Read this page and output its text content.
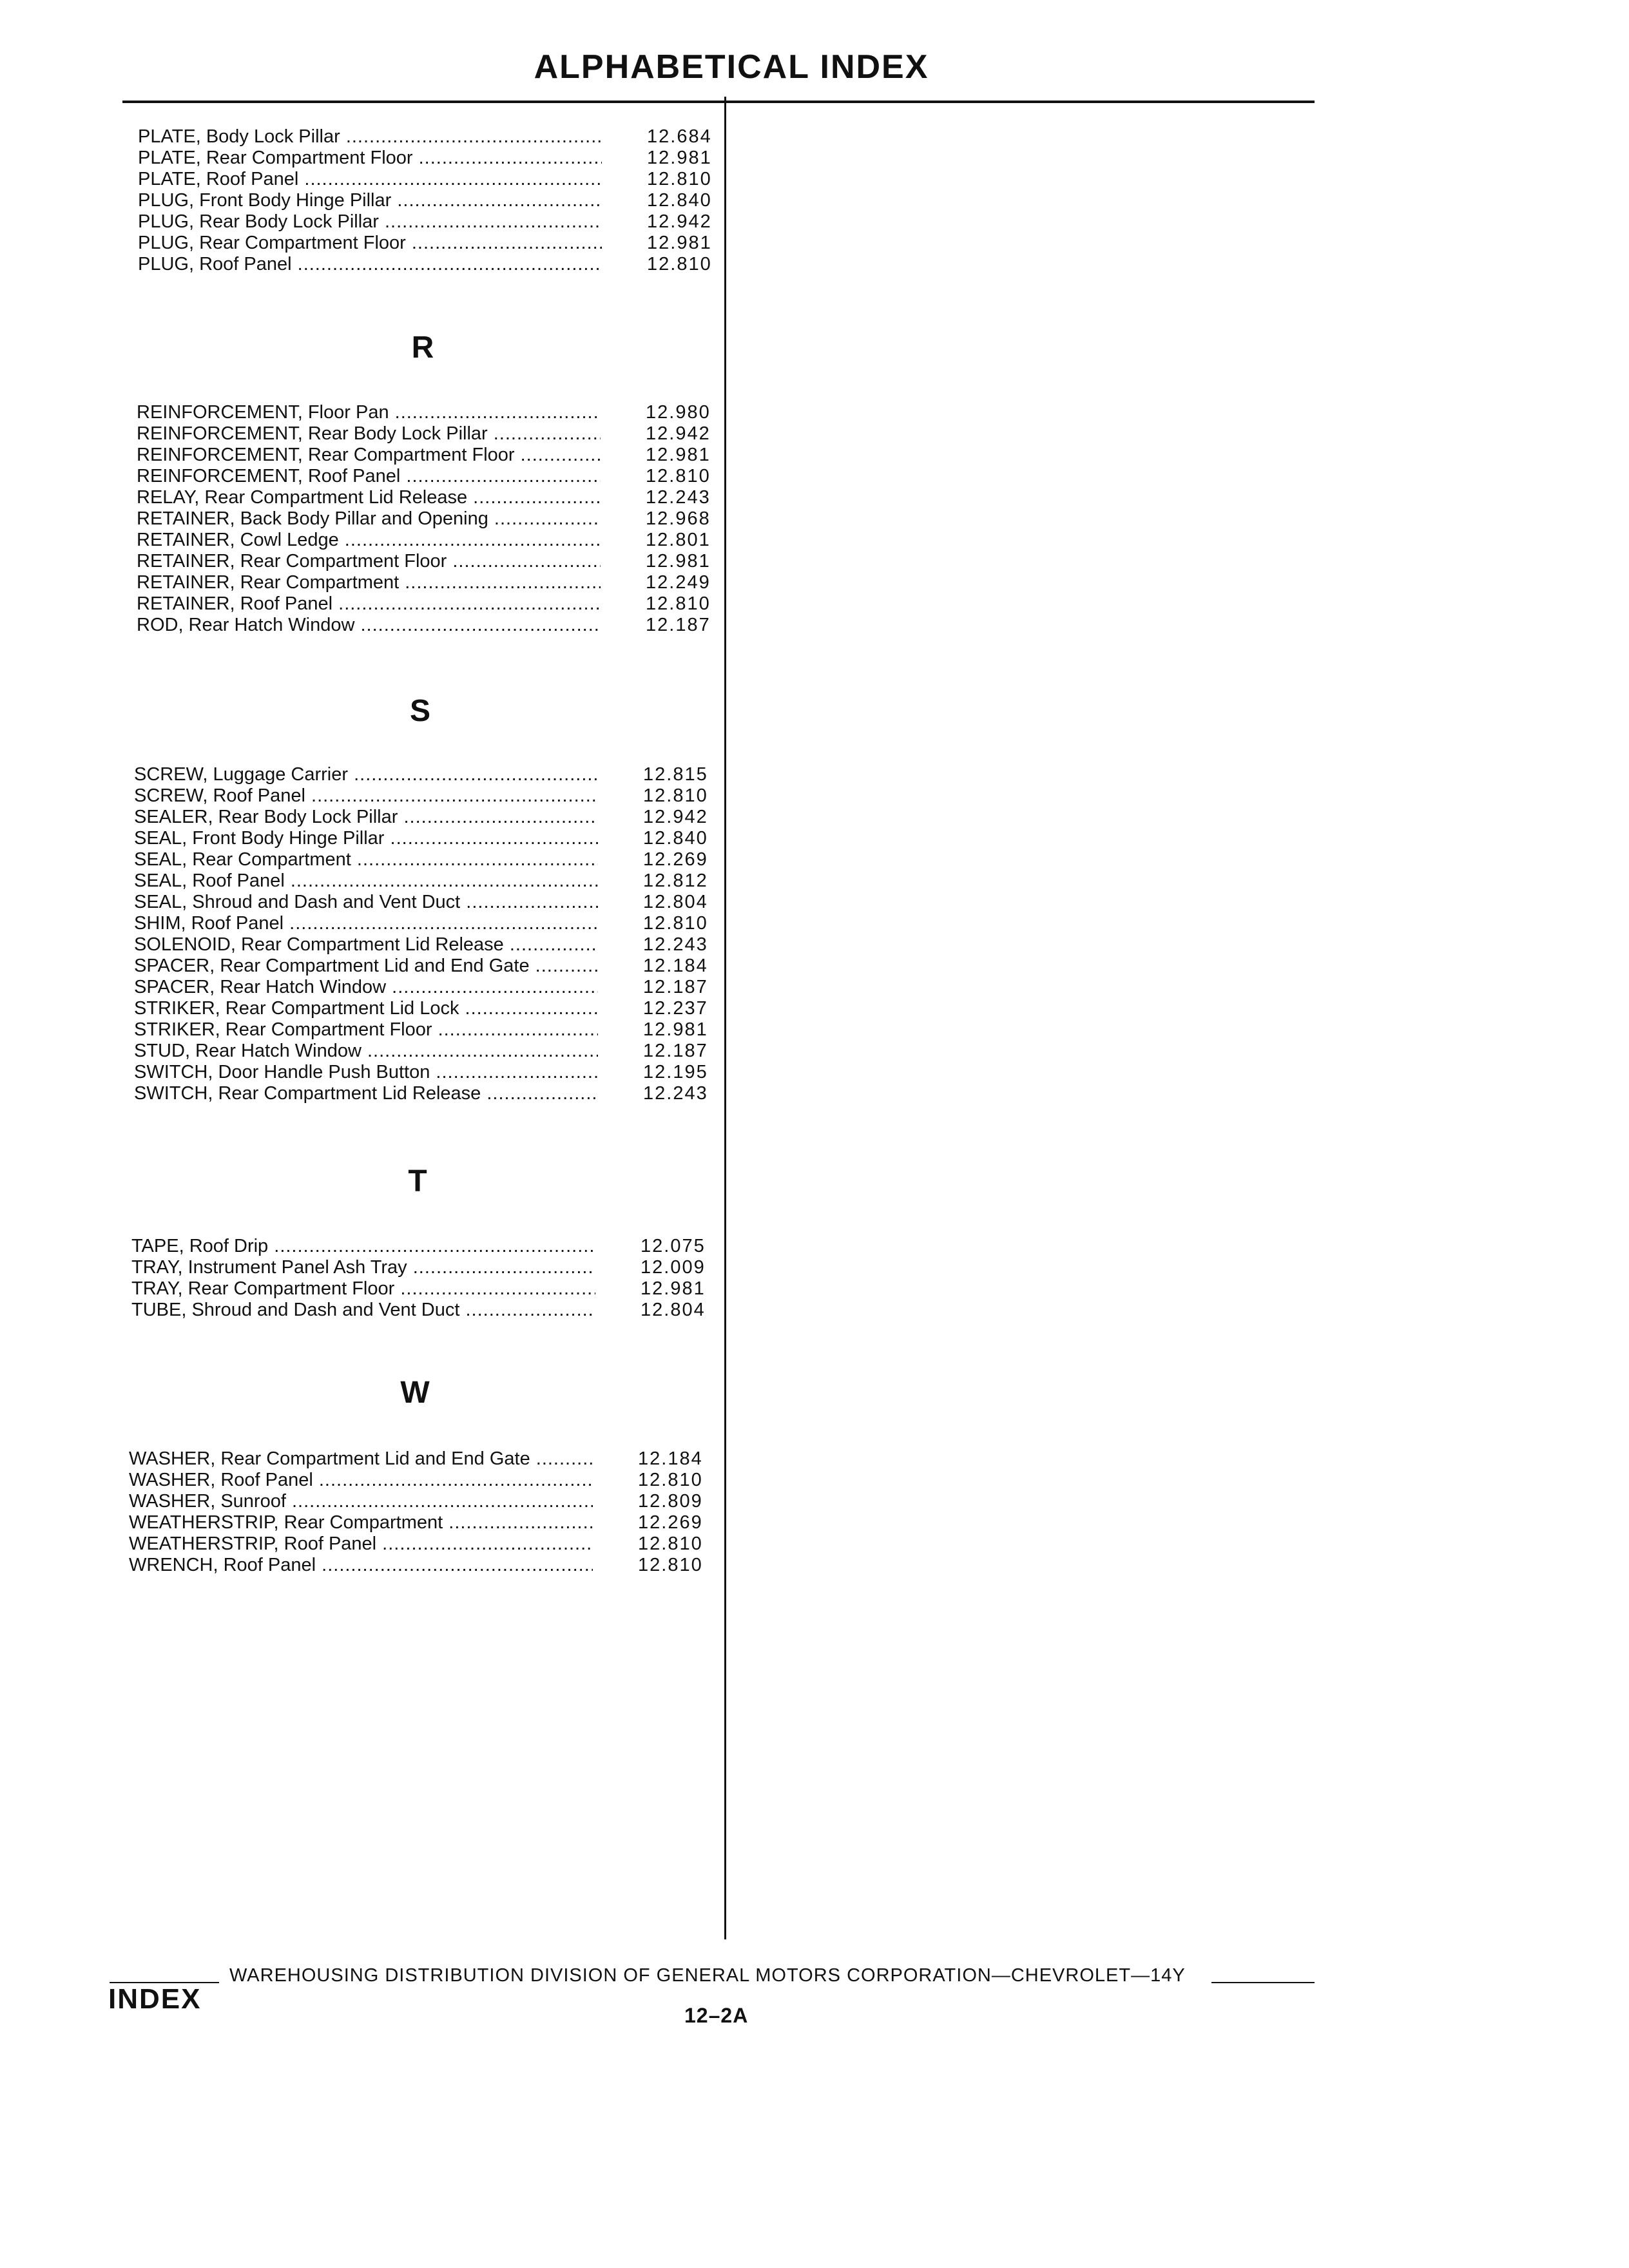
ALPHABETICAL INDEX
PLATE, Body Lock Pillar .....	12.684
PLATE, Rear Compartment Floor .....	12.981
PLATE, Roof Panel .....	12.810
PLUG, Front Body Hinge Pillar .....	12.840
PLUG, Rear Body Lock Pillar .....	12.942
PLUG, Rear Compartment Floor .....	12.981
PLUG, Roof Panel .....	12.810
R
REINFORCEMENT, Floor Pan .....	12.980
REINFORCEMENT, Rear Body Lock Pillar .....	12.942
REINFORCEMENT, Rear Compartment Floor .....	12.981
REINFORCEMENT, Roof Panel .....	12.810
RELAY, Rear Compartment Lid Release .....	12.243
RETAINER, Back Body Pillar and Opening .....	12.968
RETAINER, Cowl Ledge .....	12.801
RETAINER, Rear Compartment Floor .....	12.981
RETAINER, Rear Compartment .....	12.249
RETAINER, Roof Panel .....	12.810
ROD, Rear Hatch Window .....	12.187
S
SCREW, Luggage Carrier .....	12.815
SCREW, Roof Panel .....	12.810
SEALER, Rear Body Lock Pillar .....	12.942
SEAL, Front Body Hinge Pillar .....	12.840
SEAL, Rear Compartment .....	12.269
SEAL, Roof Panel .....	12.812
SEAL, Shroud and Dash and Vent Duct .....	12.804
SHIM, Roof Panel .....	12.810
SOLENOID, Rear Compartment Lid Release .....	12.243
SPACER, Rear Compartment Lid and End Gate .....	12.184
SPACER, Rear Hatch Window .....	12.187
STRIKER, Rear Compartment Lid Lock .....	12.237
STRIKER, Rear Compartment Floor .....	12.981
STUD, Rear Hatch Window .....	12.187
SWITCH, Door Handle Push Button .....	12.195
SWITCH, Rear Compartment Lid Release .....	12.243
T
TAPE, Roof Drip .....	12.075
TRAY, Instrument Panel Ash Tray .....	12.009
TRAY, Rear Compartment Floor .....	12.981
TUBE, Shroud and Dash and Vent Duct .....	12.804
W
WASHER, Rear Compartment Lid and End Gate .....	12.184
WASHER, Roof Panel .....	12.810
WASHER, Sunroof .....	12.809
WEATHERSTRIP, Rear Compartment .....	12.269
WEATHERSTRIP, Roof Panel .....	12.810
WRENCH, Roof Panel .....	12.810
WAREHOUSING DISTRIBUTION DIVISION OF GENERAL MOTORS CORPORATION—CHEVROLET—14Y
INDEX
12–2A
